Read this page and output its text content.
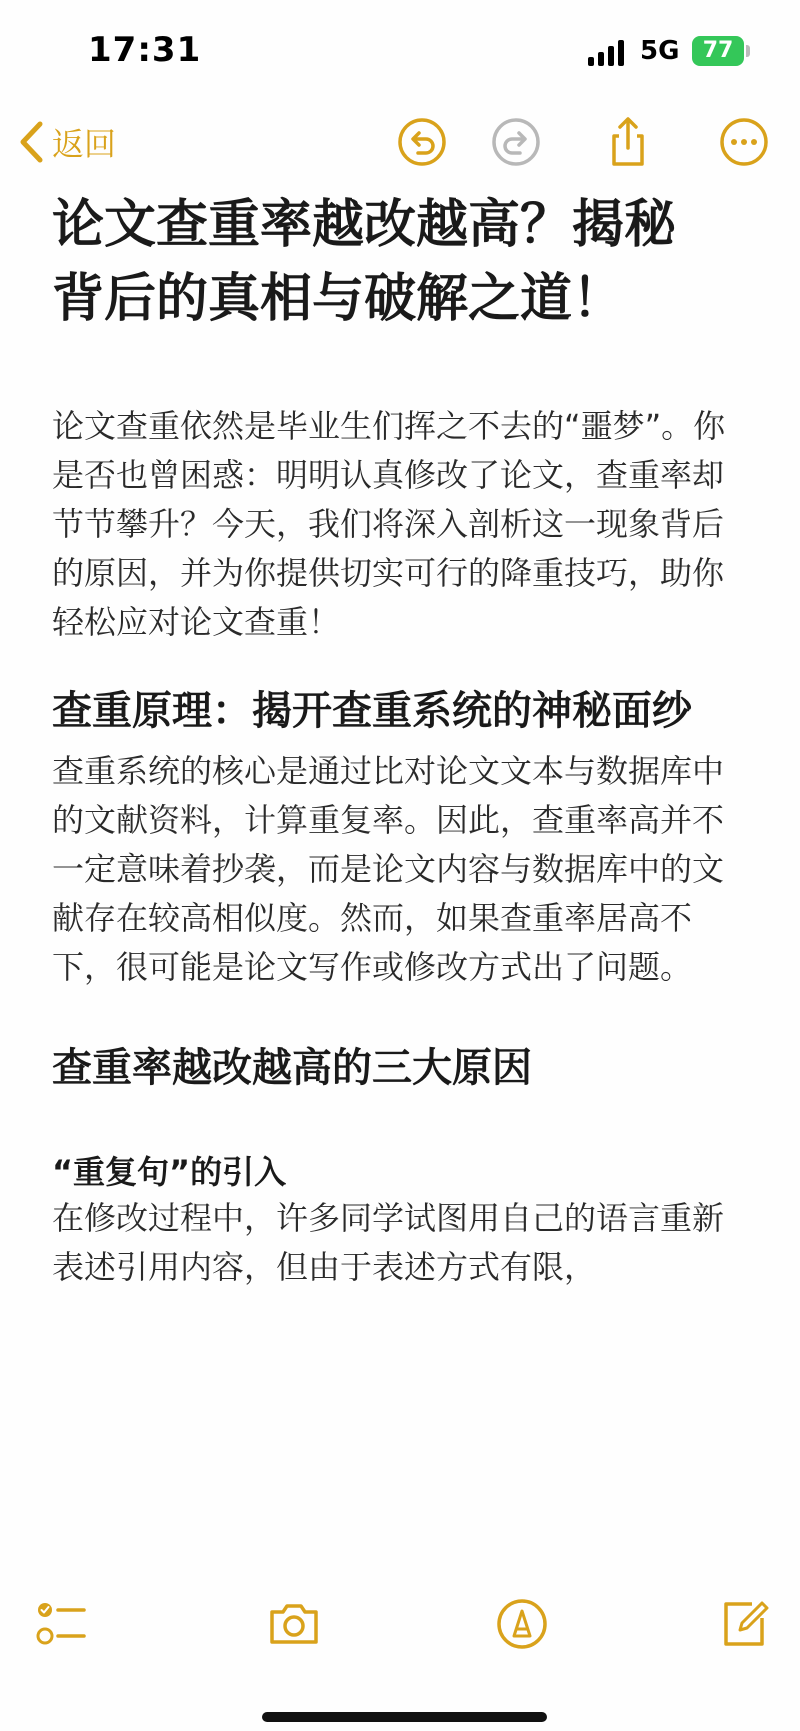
17:31	5G	77
返回
论文查重率越改越高？揭秘背后的真相与破解之道！

论文查重依然是毕业生们挥之不去的“噩梦”。你是否也曾困惑：明明认真修改了论文，查重率却节节攀升？今天，我们将深入剖析这一现象背后的原因，并为你提供切实可行的降重技巧，助你轻松应对论文查重！

查重原理：揭开查重系统的神秘面纱

查重系统的核心是通过比对论文文本与数据库中的文献资料，计算重复率。因此，查重率高并不一定意味着抄袭，而是论文内容与数据库中的文献存在较高相似度。然而，如果查重率居高不下，很可能是论文写作或修改方式出了问题。

查重率越改越高的三大原因
“重复句”的引入

在修改过程中，许多同学试图用自己的语言重新表述引用内容，但由于表述方式有限，
